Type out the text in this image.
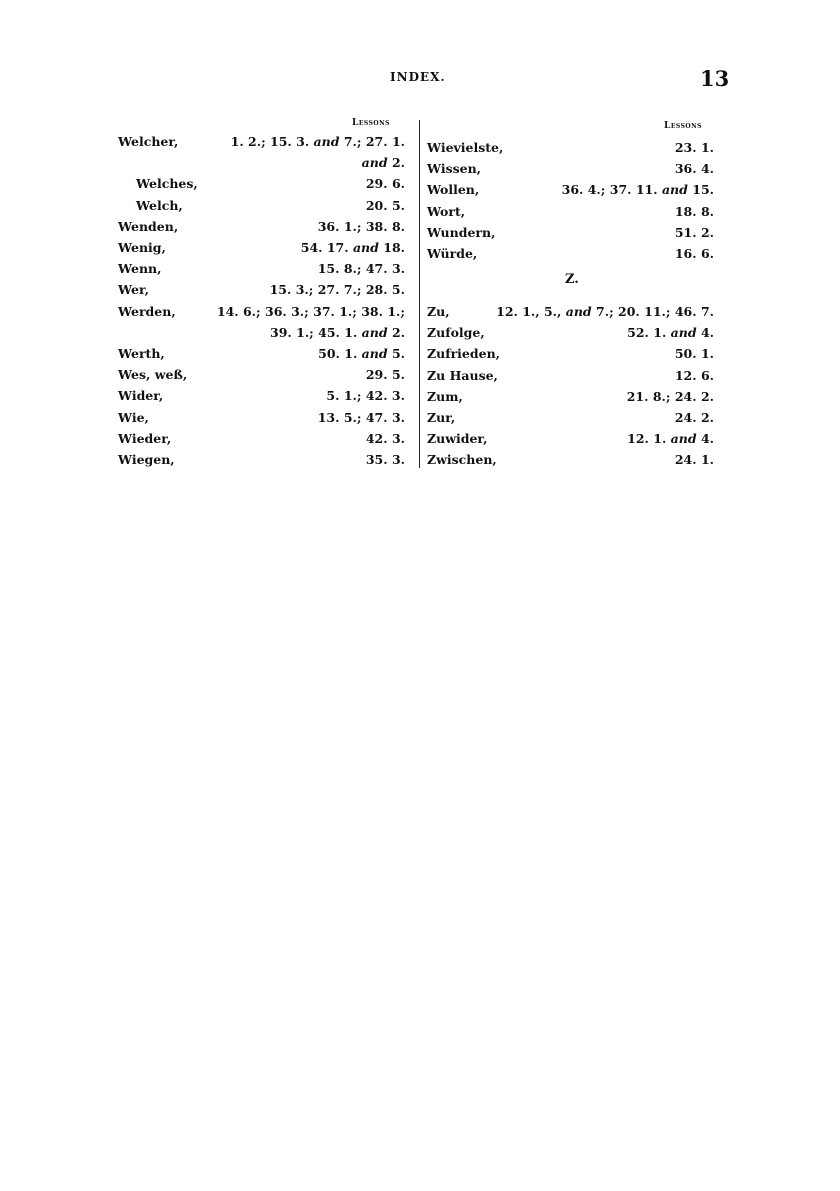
INDEX.	13
Lessons	Lessons
Welcher,	1. 2.; 15. 3. and 7.; 27. 1.
and 2.
Welches,	29. 6.
Welch,	20. 5.
Wenden,	36. 1.; 38. 8.
Wenig,	54. 17. and 18.
Wenn,	15. 8.; 47. 3.
Wer,	15. 3.; 27. 7.; 28. 5.
Werden,	14. 6.; 36. 3.; 37. 1.; 38. 1.;
39. 1.; 45. 1. and 2.
Werth,	50. 1. and 5.
Wes, weß,	29. 5.
Wider,	5. 1.; 42. 3.
Wie,	13. 5.; 47. 3.
Wieder,	42. 3.
Wiegen,	35. 3.
Wievielste,	23. 1.
Wissen,	36. 4.
Wollen,	36. 4.; 37. 11. and 15.
Wort,	18. 8.
Wundern,	51. 2.
Würde,	16. 6.
Zu,	12. 1., 5., and 7.; 20. 11.; 46. 7.
Zufolge,	52. 1. and 4.
Zufrieden,	50. 1.
Zu Hause,	12. 6.
Zum,	21. 8.; 24. 2.
Zur,	24. 2.
Zuwider,	12. 1. and 4.
Zwischen,	24. 1.
Z.
